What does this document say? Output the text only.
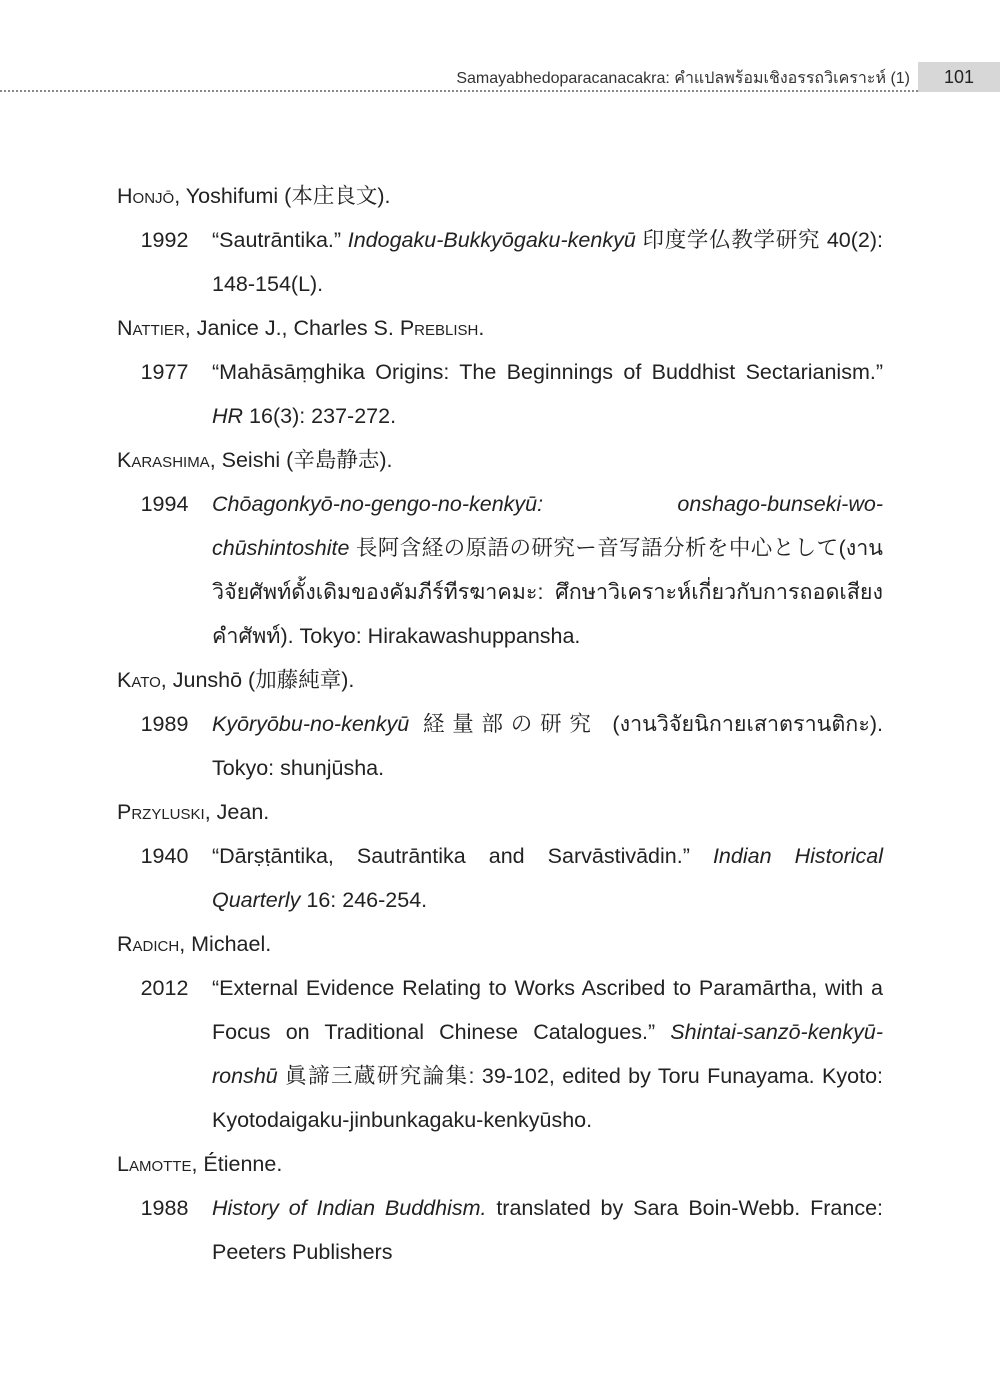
Samayabhedoparacanacakra: คำแปลพร้อมเชิงอรรถวิเคราะห์ (1)	101
Honjō, Yoshifumi (本庄良文).
1992	“Sautrāntika.” Indogaku-Bukkyōgaku-kenkyū 印度学仏教学研究 40(2): 148-154(L).
Nattier, Janice J., Charles S. Preblish.
1977	“Mahāsāṃghika Origins: The Beginnings of Buddhist Sectarianism.” HR 16(3): 237-272.
Karashima, Seishi (辛島静志).
1994	Chōagonkyō-no-gengo-no-kenkyū: onshago-bunseki-wo-chūshintoshite 長阿含経の原語の研究ー音写語分析を中心として(งานวิจัยศัพท์ดั้งเดิมของคัมภีร์ทีรฆาคมะ: ศึกษาวิเคราะห์เกี่ยวกับการถอดเสียงคำศัพท์). Tokyo: Hirakawashuppansha.
Kato, Junshō (加藤純章).
1989	Kyōryōbu-no-kenkyū 経量部の研究 (งานวิจัยนิกายเสาตรานติกะ). Tokyo: shunjūsha.
Przyluski, Jean.
1940	“Dārṣṭāntika, Sautrāntika and Sarvāstivādin.” Indian Historical Quarterly 16: 246-254.
Radich, Michael.
2012	“External Evidence Relating to Works Ascribed to Paramārtha, with a Focus on Traditional Chinese Catalogues.” Shintai-sanzō-kenkyū-ronshū 眞諦三蔵研究論集: 39-102, edited by Toru Funayama. Kyoto: Kyotodaigaku-jinbunkagaku-kenkyūsho.
Lamotte, É́tienne.
1988	History of Indian Buddhism. translated by Sara Boin-Webb. France: Peeters Publishers
